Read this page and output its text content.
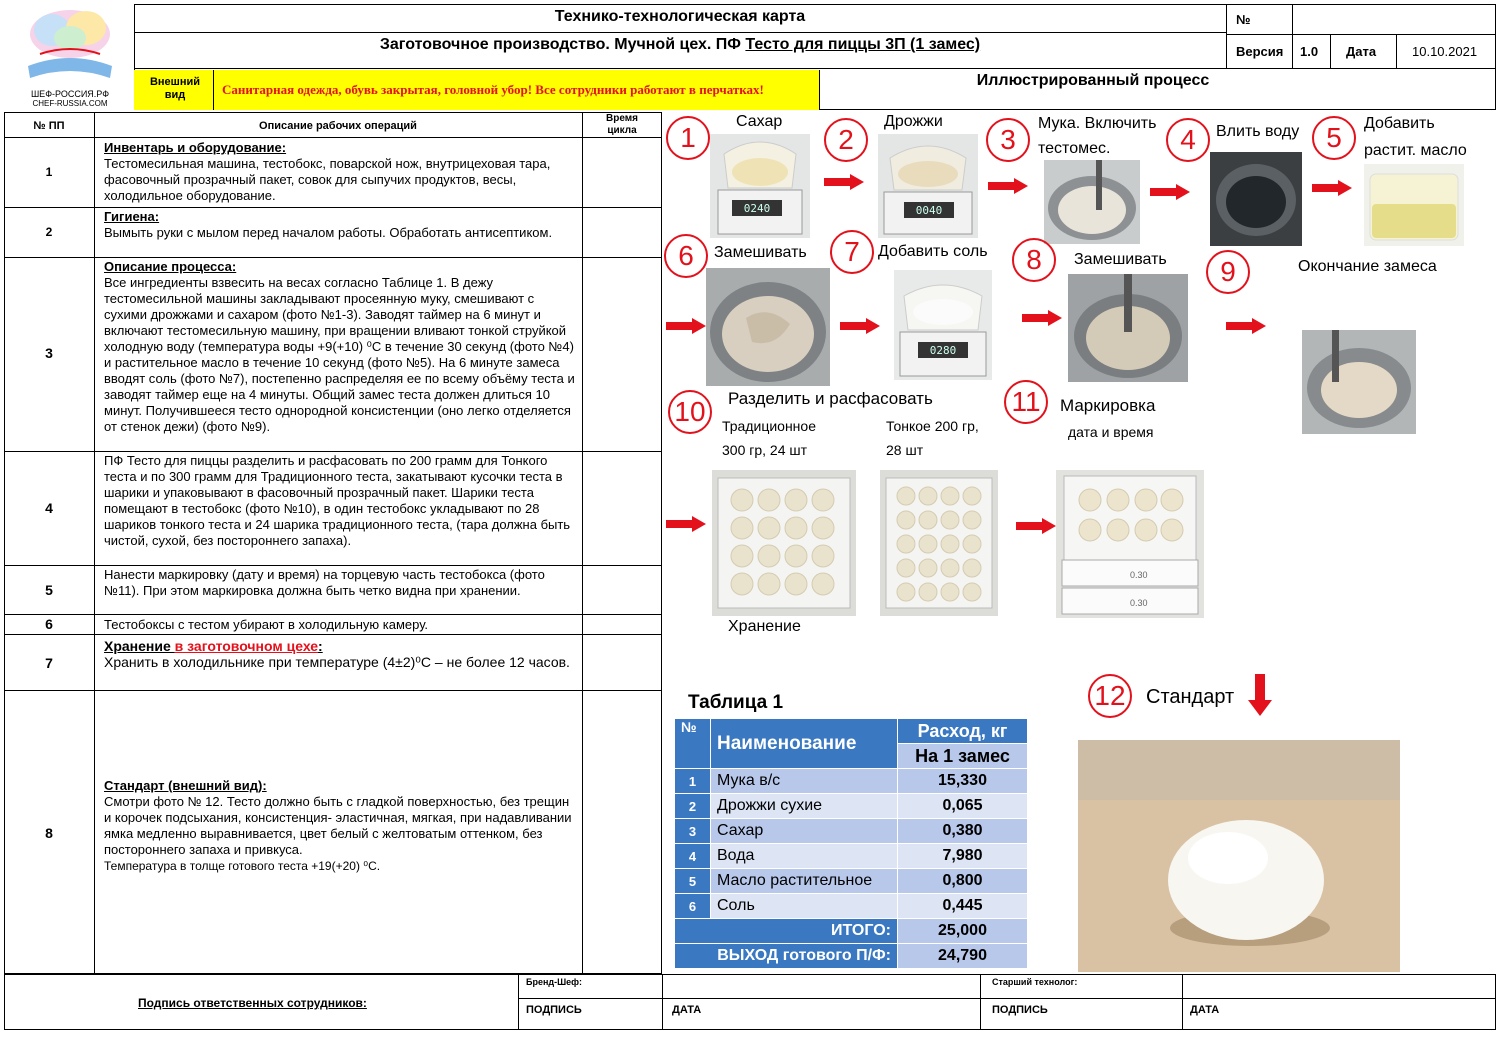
ШЕФ-РОССИЯ.РФ
CHEF-RUSSIA.COM
Технико-технологическая карта
Заготовочное производство. Мучной цех. ПФ Тесто для пиццы 3П (1 замес)
№
Версия 1.0 Дата	10.10.2021
Внешний вид	Санитарная одежда, обувь закрытая, головной убор! Все сотрудники работают в перчатках!
Иллюстрированный процесс
№ ПП	Описание рабочих операций
Время цикла
1
Инвентарь и оборудование:
Тестомесильная машина, тестобокс, поварской нож, внутрицеховая тара, фасовочный прозрачный пакет, совок для сыпучих продуктов, весы, холодильное оборудование.
2
Гигиена:
Вымыть руки с мылом перед началом работы. Обработать антисептиком.
3
Описание процесса:
Все ингредиенты взвесить на весах согласно Таблице 1. В дежу тестомесильной машины закладывают просеянную муку, смешивают с сухими дрожжами и сахаром (фото №1-3). Заводят таймер на 6 минут и включают тестомесильную машину, при вращении вливают тонкой струйкой холодную воду (температура воды +9(+10) ⁰С в течение 30 секунд (фото №4) и растительное масло в течение 10 секунд (фото №5). На 6 минуте замеса вводят соль (фото №7), постепенно распределяя ее по всему объёму теста и заводят таймер еще на 4 минуты. Общий замес теста должен длиться 10 минут. Получившееся тесто однородной консистенции (оно легко отделяется от стенок дежи) (фото №9).
4
ПФ Тесто для пиццы разделить и расфасовать по 200 грамм для Тонкого теста и по 300 грамм для Традиционного теста, закатывают кусочки теста в шарики и упаковывают в фасовочный прозрачный пакет. Шарики теста помещают в тестобокс (фото №10), в один тестобокс укладывают по 28 шариков тонкого теста и 24 шарика традиционного теста, (тара должна быть чистой, сухой, без постороннего запаха).
5
Нанести маркировку (дату и время) на торцевую часть тестобокса (фото №11). При этом маркировка должна быть четко видна при хранении.
6	Тестобоксы с тестом убирают в холодильную камеру.
7
Хранение в заготовочном цехе:
Хранить в холодильнике при температуре (4±2)⁰С – не более 12 часов.
8
Стандарт (внешний вид):
Смотри фото № 12. Тесто должно быть с гладкой поверхностью, без трещин и корочек подсыхания, консистенция- эластичная, мягкая, при надавливании ямка медленно выравнивается, цвет белый с желтоватым оттенком, без постороннего запаха и привкуса.
Температура в толще готового теста +19(+20) ⁰С.
1
Сахар
0240
2
Дрожжи
0040
3
Мука. Включить
тестомес.	4	Влить воду 5	Добавить
растит. масло
6	Замешивать	7	Добавить соль
0280
8	Замешивать	9	Окончание замеса
10	Разделить и расфасовать
Традиционное
300 гр, 24 шт
Тонкое 200 гр,
28 шт
11	Маркировка
дата и время
0.30
0.30
Хранение
12	Стандарт
Таблица 1
№	Наименование	Расход, кг
		На 1 замес
1	Мука в/с	15,330
2	Дрожжи сухие	0,065
3	Сахар	0,380
4	Вода	7,980
5	Масло растительное	0,800
6	Соль	0,445
ИТОГО:		25,000
ВЫХОД готового П/Ф:		24,790
Подпись ответственных сотрудников:
Бренд-Шеф:	Старший технолог:
ПОДПИСЬ	ДАТА	ПОДПИСЬ	ДАТА
